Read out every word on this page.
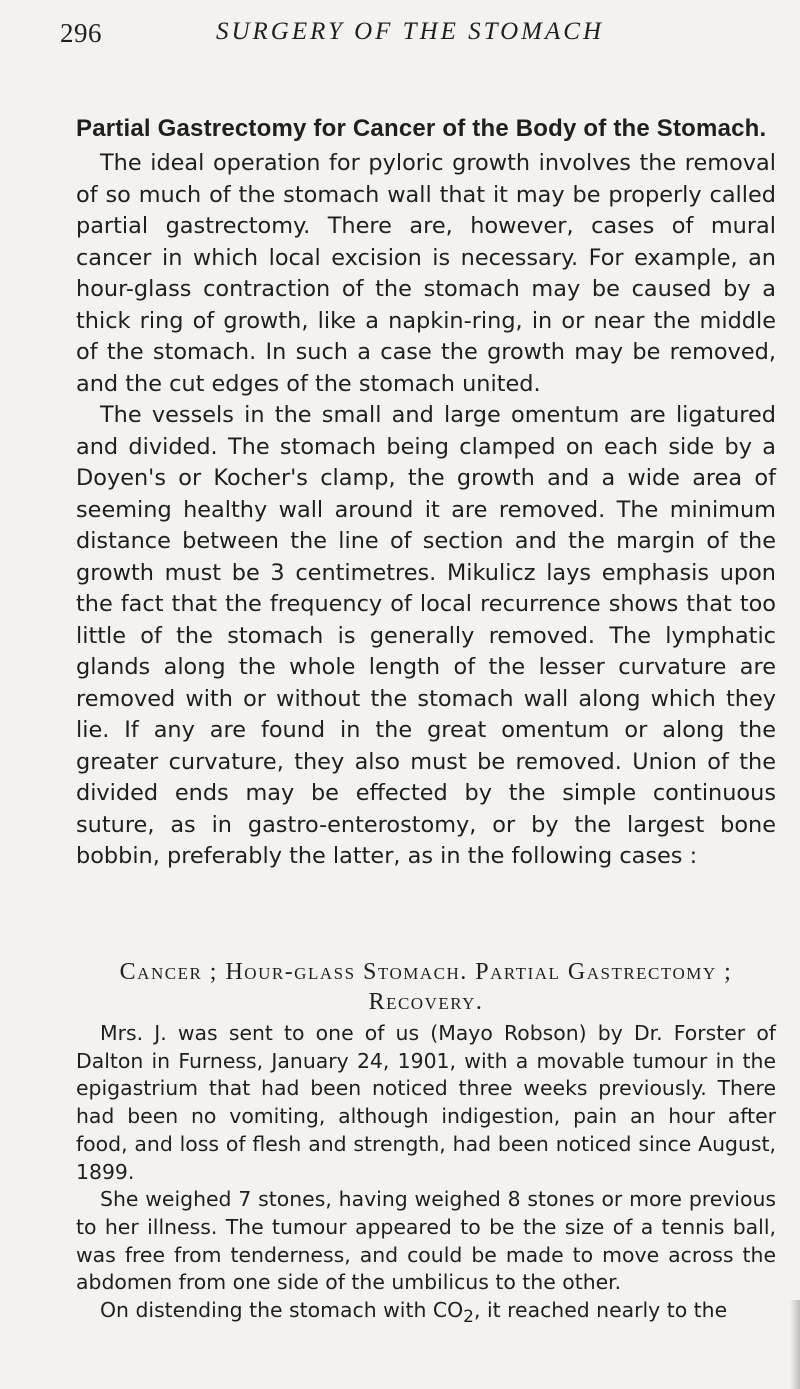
296	SURGERY OF THE STOMACH
Partial Gastrectomy for Cancer of the Body of the Stomach.

The ideal operation for pyloric growth involves the removal of so much of the stomach wall that it may be properly called partial gastrectomy. There are, however, cases of mural cancer in which local excision is necessary. For example, an hour-glass contraction of the stomach may be caused by a thick ring of growth, like a napkin-ring, in or near the middle of the stomach. In such a case the growth may be removed, and the cut edges of the stomach united.

The vessels in the small and large omentum are ligatured and divided. The stomach being clamped on each side by a Doyen's or Kocher's clamp, the growth and a wide area of seeming healthy wall around it are removed. The minimum distance between the line of section and the margin of the growth must be 3 centimetres. Mikulicz lays emphasis upon the fact that the frequency of local recurrence shows that too little of the stomach is generally removed. The lymphatic glands along the whole length of the lesser curvature are removed with or without the stomach wall along which they lie. If any are found in the great omentum or along the greater curvature, they also must be removed. Union of the divided ends may be effected by the simple continuous suture, as in gastro-enterostomy, or by the largest bone bobbin, preferably the latter, as in the following cases :

Cancer ; Hour-glass Stomach. Partial Gastrectomy ;
Recovery.

Mrs. J. was sent to one of us (Mayo Robson) by Dr. Forster of Dalton in Furness, January 24, 1901, with a movable tumour in the epigastrium that had been noticed three weeks previously. There had been no vomiting, although indigestion, pain an hour after food, and loss of flesh and strength, had been noticed since August, 1899.

She weighed 7 stones, having weighed 8 stones or more previous to her illness. The tumour appeared to be the size of a tennis ball, was free from tenderness, and could be made to move across the abdomen from one side of the umbilicus to the other.

On distending the stomach with $CO_2$, it reached nearly to the
